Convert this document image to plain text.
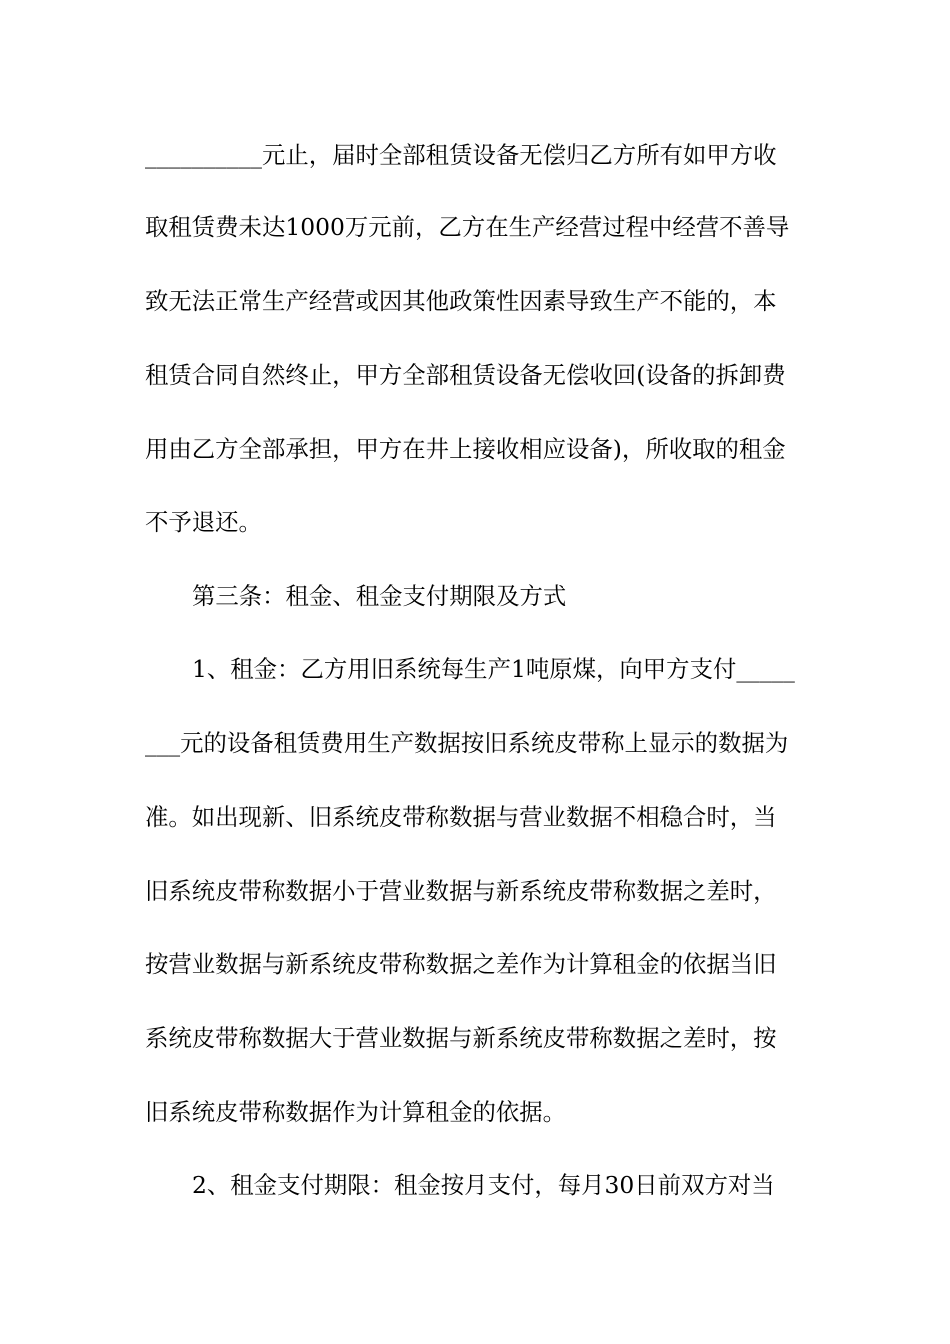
__________元止，届时全部租赁设备无偿归乙方所有如甲方收
取租赁费未达1000万元前，乙方在生产经营过程中经营不善导
致无法正常生产经营或因其他政策性因素导致生产不能的，本
租赁合同自然终止，甲方全部租赁设备无偿收回(设备的拆卸费
用由乙方全部承担，甲方在井上接收相应设备)，所收取的租金
不予退还。
第三条：租金、租金支付期限及方式
1、租金：乙方用旧系统每生产1吨原煤，向甲方支付_____
___元的设备租赁费用生产数据按旧系统皮带称上显示的数据为
准。如出现新、旧系统皮带称数据与营业数据不相稳合时，当
旧系统皮带称数据小于营业数据与新系统皮带称数据之差时，
按营业数据与新系统皮带称数据之差作为计算租金的依据当旧
系统皮带称数据大于营业数据与新系统皮带称数据之差时，按
旧系统皮带称数据作为计算租金的依据。
2、租金支付期限：租金按月支付，每月30日前双方对当
